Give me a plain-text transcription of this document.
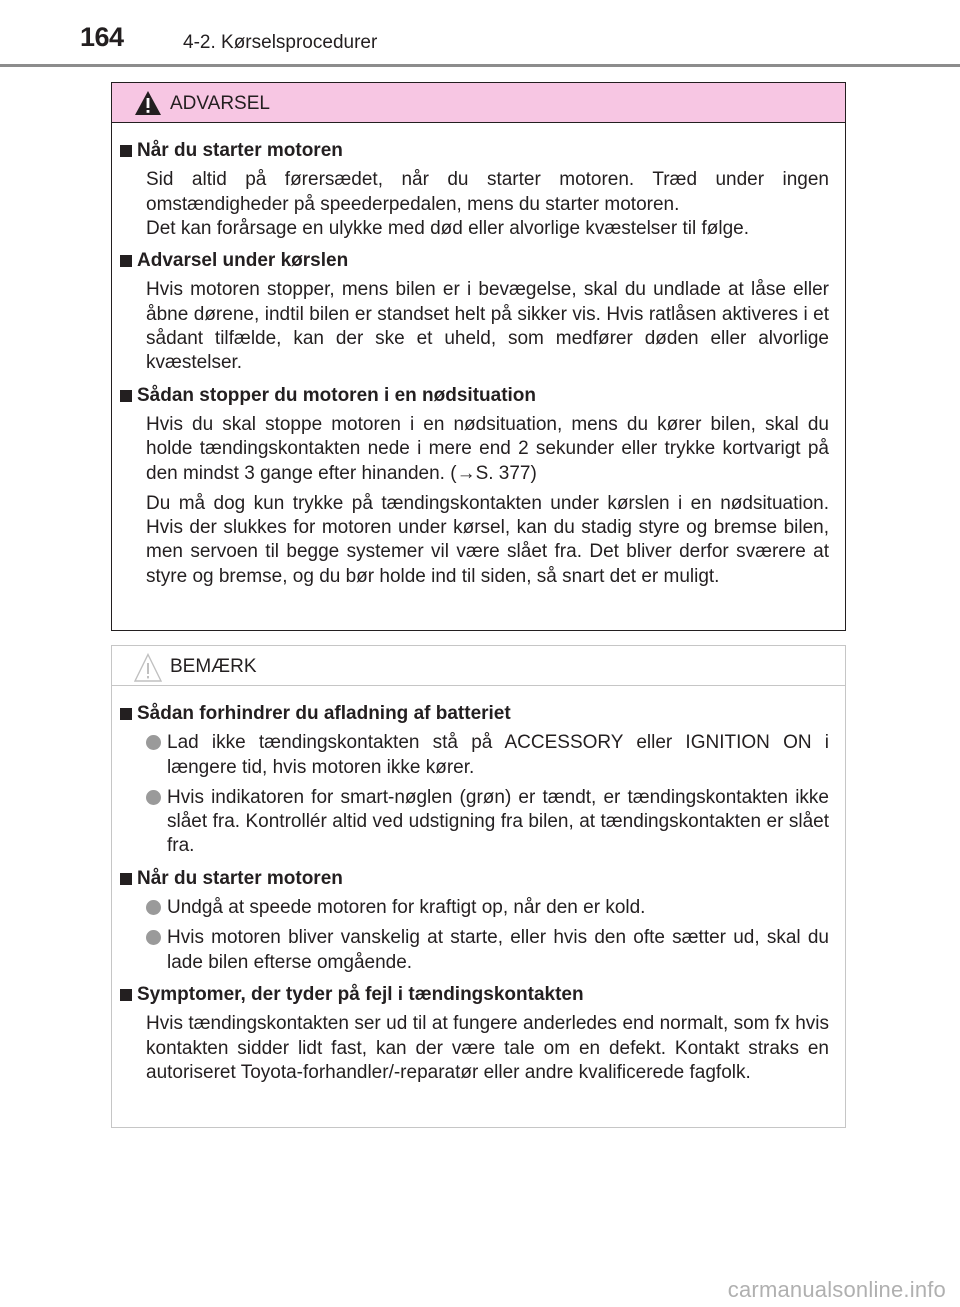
164	4-2. Kørselsprocedurer
ADVARSEL
Når du starter motoren
Sid altid på førersædet, når du starter motoren. Træd under ingen omstændigheder på speederpedalen, mens du starter motoren.
Det kan forårsage en ulykke med død eller alvorlige kvæstelser til følge.
Advarsel under kørslen
Hvis motoren stopper, mens bilen er i bevægelse, skal du undlade at låse eller åbne dørene, indtil bilen er standset helt på sikker vis. Hvis ratlåsen aktiveres i et sådant tilfælde, kan der ske et uheld, som medfører døden eller alvorlige kvæstelser.
Sådan stopper du motoren i en nødsituation
Hvis du skal stoppe motoren i en nødsituation, mens du kører bilen, skal du holde tændingskontakten nede i mere end 2 sekunder eller trykke kortvarigt på den mindst 3 gange efter hinanden. (→S. 377)
Du må dog kun trykke på tændingskontakten under kørslen i en nødsituation. Hvis der slukkes for motoren under kørsel, kan du stadig styre og bremse bilen, men servoen til begge systemer vil være slået fra. Det bliver derfor sværere at styre og bremse, og du bør holde ind til siden, så snart det er muligt.
BEMÆRK
Sådan forhindrer du afladning af batteriet
Lad ikke tændingskontakten stå på ACCESSORY eller IGNITION ON i længere tid, hvis motoren ikke kører.
Hvis indikatoren for smart-nøglen (grøn) er tændt, er tændingskontakten ikke slået fra. Kontrollér altid ved udstigning fra bilen, at tændingskontakten er slået fra.
Når du starter motoren
Undgå at speede motoren for kraftigt op, når den er kold.
Hvis motoren bliver vanskelig at starte, eller hvis den ofte sætter ud, skal du lade bilen efterse omgående.
Symptomer, der tyder på fejl i tændingskontakten
Hvis tændingskontakten ser ud til at fungere anderledes end normalt, som fx hvis kontakten sidder lidt fast, kan der være tale om en defekt. Kontakt straks en autoriseret Toyota-forhandler/-reparatør eller andre kvalificerede fagfolk.
carmanualsonline.info
